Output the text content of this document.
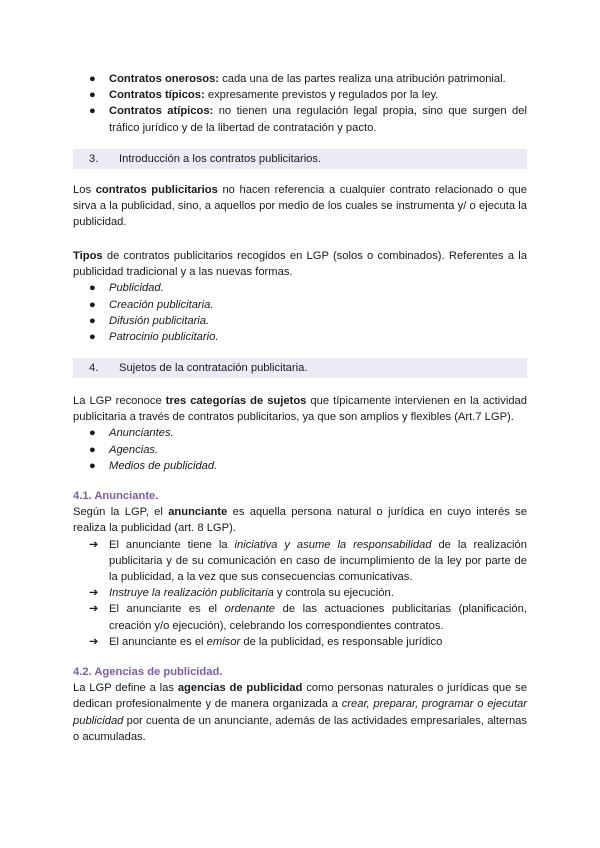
● Contratos onerosos: cada una de las partes realiza una atribución patrimonial.
● Contratos típicos: expresamente previstos y regulados por la ley.
● Contratos atípicos: no tienen una regulación legal propia, sino que surgen del tráfico jurídico y de la libertad de contratación y pacto.
3.	Introducción a los contratos publicitarios.

Los contratos publicitarios no hacen referencia a cualquier contrato relacionado o que sirva a la publicidad, sino, a aquellos por medio de los cuales se instrumenta y/ o ejecuta la publicidad.

Tipos de contratos publicitarios recogidos en LGP (solos o combinados). Referentes a la publicidad tradicional y a las nuevas formas.

● Publicidad.
● Creación publicitaria.
● Difusión publicitaria.
● Patrocinio publicitario.
4.	Sujetos de la contratación publicitaria.

La LGP reconoce tres categorías de sujetos que típicamente intervienen en la actividad publicitaria a través de contratos publicitarios, ya que son amplios y flexibles (Art.7 LGP).

● Anunciantes.
● Agencias.
● Medios de publicidad.
4.1. Anunciante.

Según la LGP, el anunciante es aquella persona natural o jurídica en cuyo interés se realiza la publicidad (art. 8 LGP).

➔ El anunciante tiene la iniciativa y asume la responsabilidad de la realización publicitaria y de su comunicación en caso de incumplimiento de la ley por parte de la publicidad, a la vez que sus consecuencias comunicativas.
➔ Instruye la realización publicitaria y controla su ejecución.
➔ El anunciante es el ordenante de las actuaciones publicitarias (planificación, creación y/o ejecución), celebrando los correspondientes contratos.
➔ El anunciante es el emisor de la publicidad, es responsable jurídico
4.2. Agencias de publicidad.

La LGP define a las agencias de publicidad como personas naturales o jurídicas que se dedican profesionalmente y de manera organizada a crear, preparar, programar o ejecutar publicidad por cuenta de un anunciante, además de las actividades empresariales, alternas o acumuladas.
